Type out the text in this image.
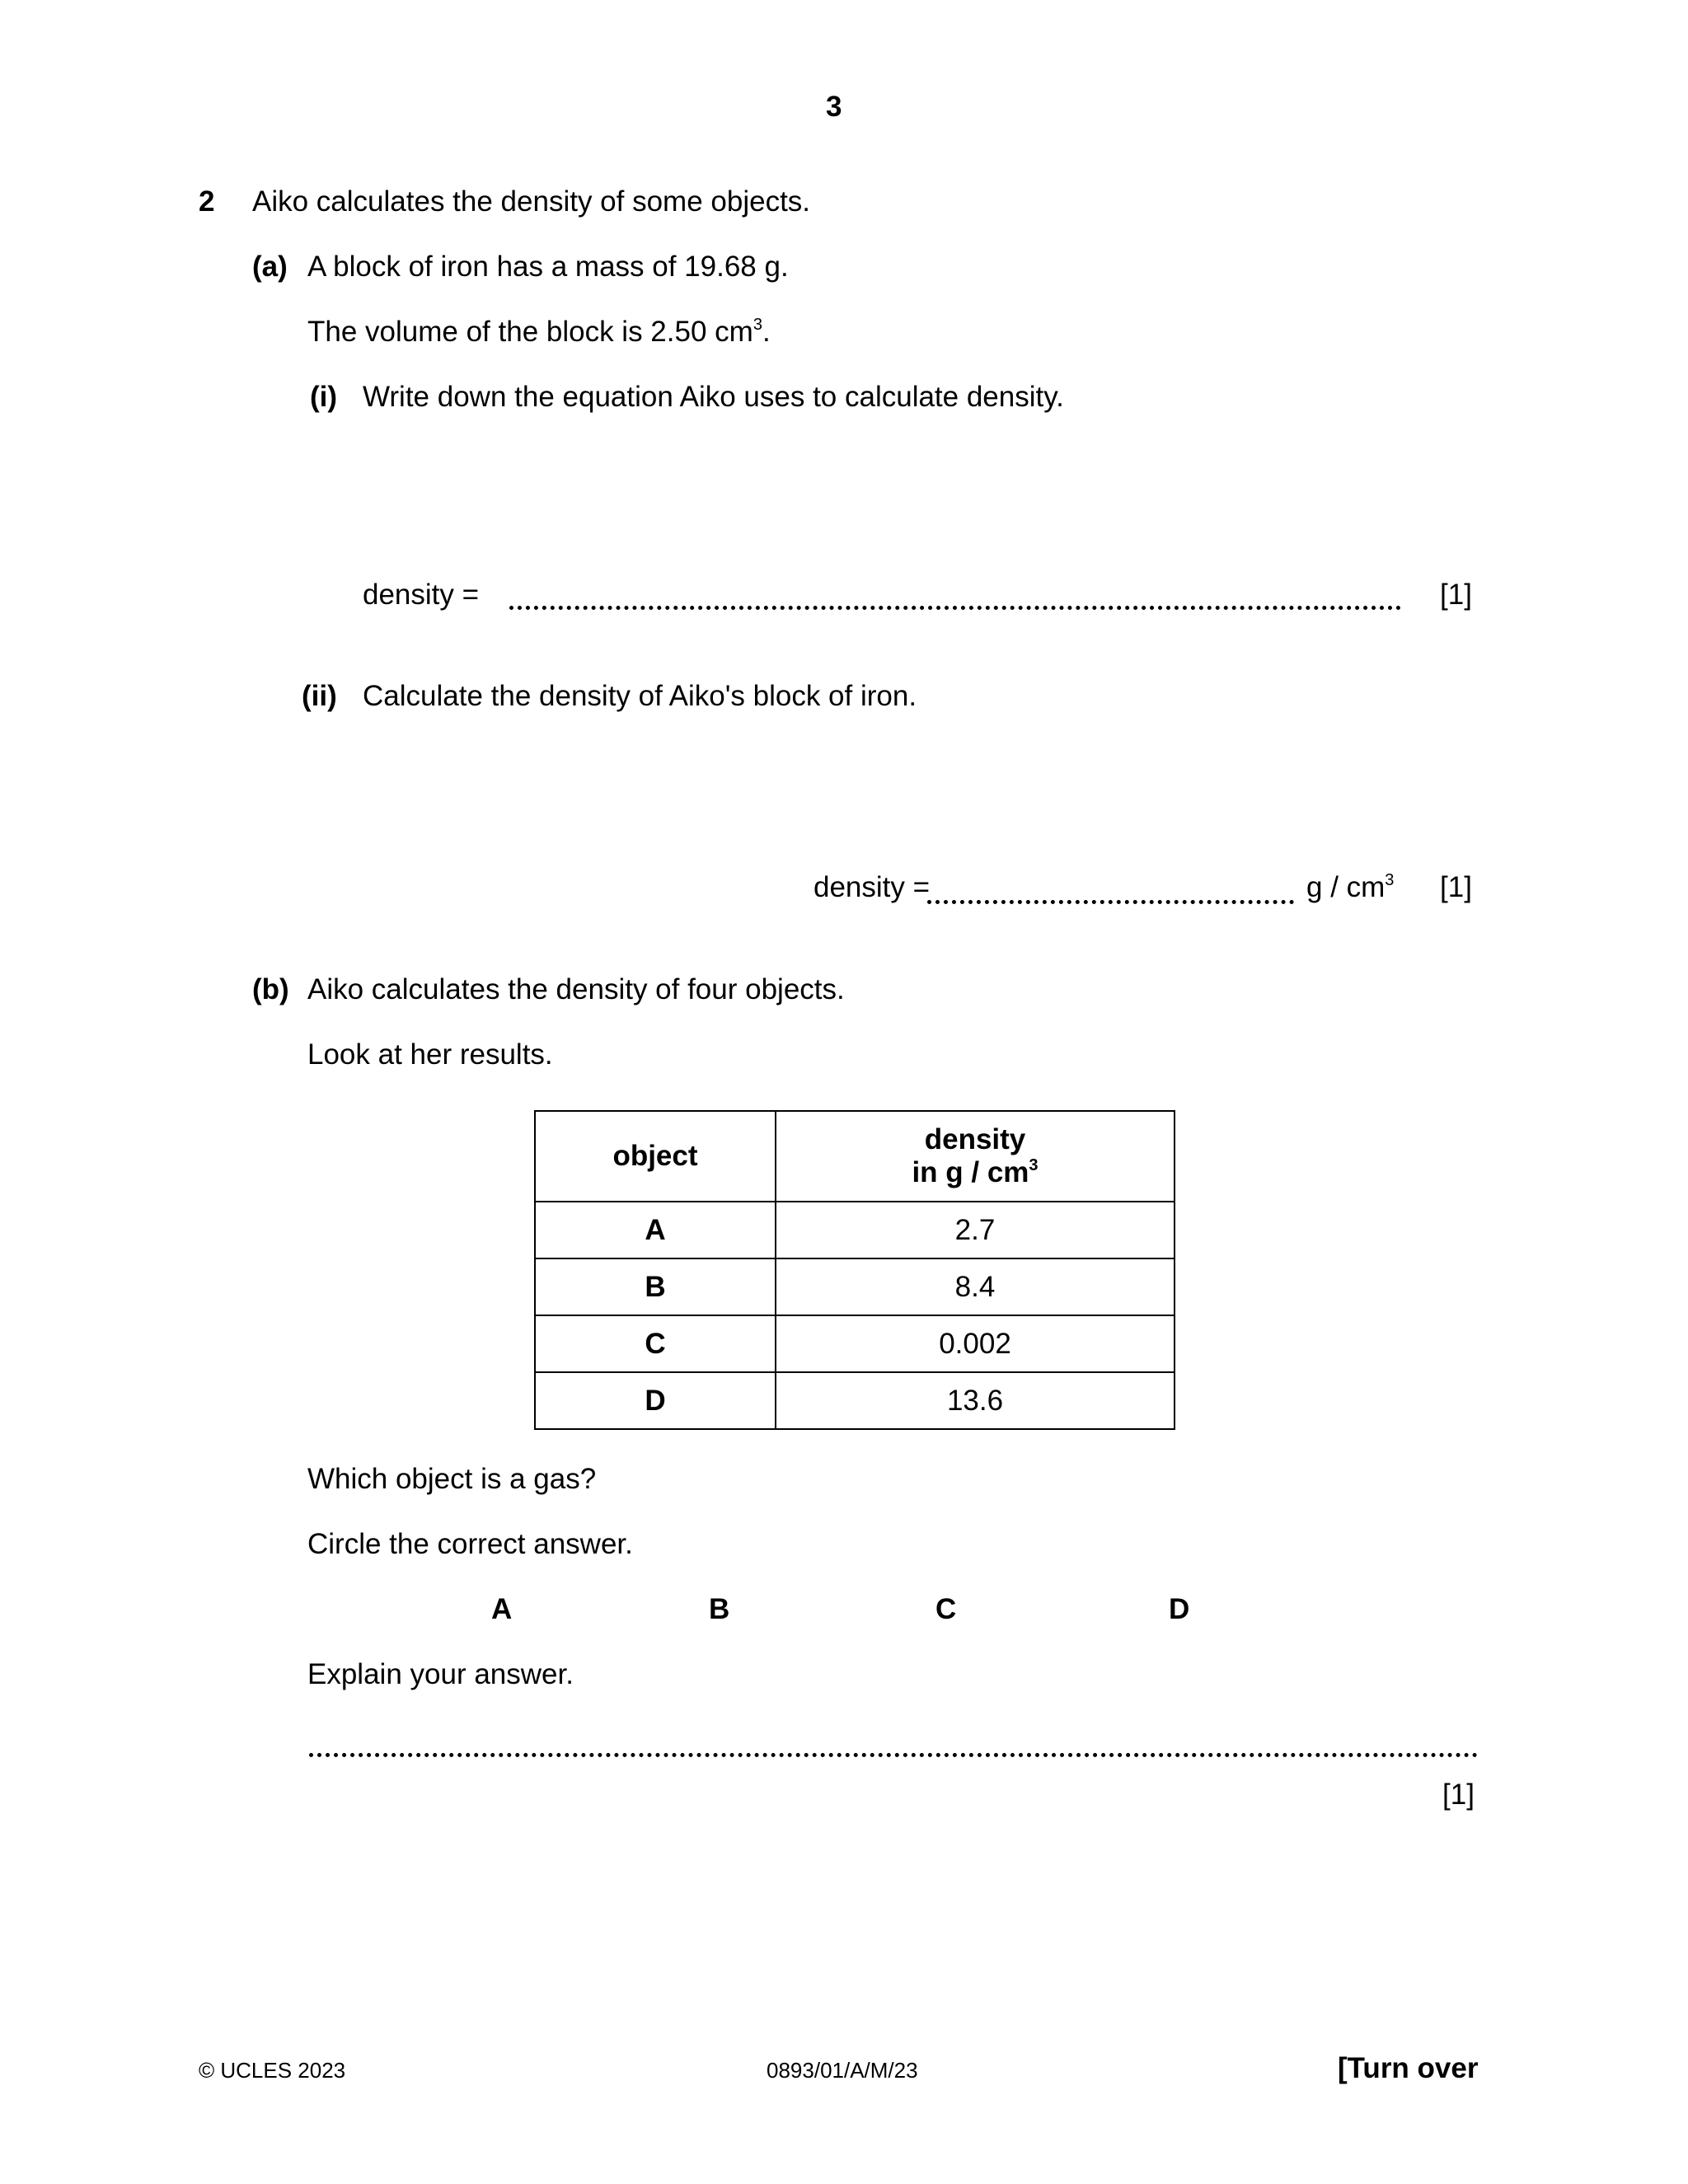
3
2 Aiko calculates the density of some objects.
(a) A block of iron has a mass of 19.68 g.
The volume of the block is 2.50 $cm^3$.
(i) Write down the equation Aiko uses to calculate density.
density =	[1]
(ii) Calculate the density of Aiko's block of iron.
density =	g / $cm^3$ [1]
(b) Aiko calculates the density of four objects.
Look at her results.
object	density
in g / $cm^3$
A	2.7
B	8.4
C	0.002
D	13.6
Which object is a gas?
Circle the correct answer.
A	B	C	D
Explain your answer.
[1]
© UCLES 2023	0893/01/A/M/23	[Turn over
